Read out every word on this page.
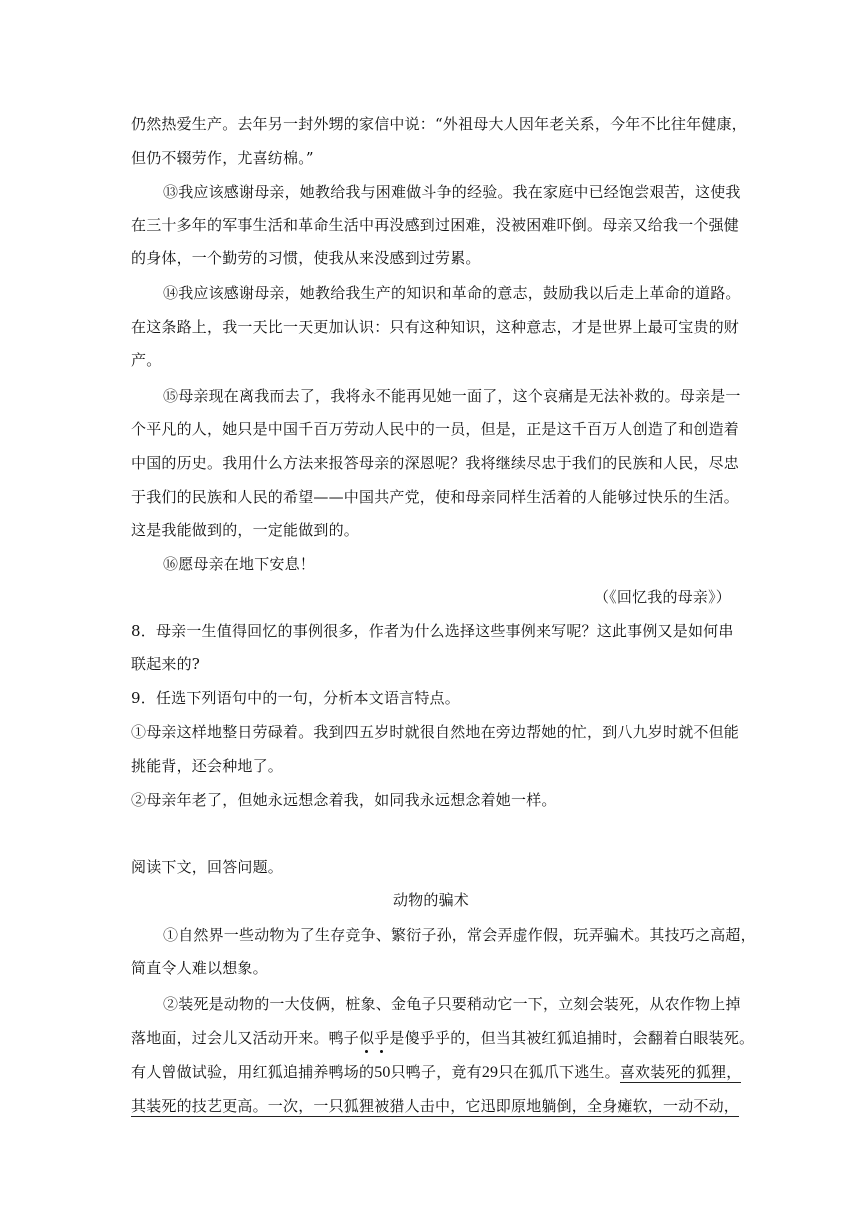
仍然热爱生产。去年另一封外甥的家信中说：“外祖母大人因年老关系，今年不比往年健康，
但仍不辍劳作，尤喜纺棉。”
⑬我应该感谢母亲，她教给我与困难做斗争的经验。我在家庭中已经饱尝艰苦，这使我
在三十多年的军事生活和革命生活中再没感到过困难，没被困难吓倒。母亲又给我一个强健
的身体，一个勤劳的习惯，使我从来没感到过劳累。
⑭我应该感谢母亲，她教给我生产的知识和革命的意志，鼓励我以后走上革命的道路。
在这条路上，我一天比一天更加认识：只有这种知识，这种意志，才是世界上最可宝贵的财
产。
⑮母亲现在离我而去了，我将永不能再见她一面了，这个哀痛是无法补救的。母亲是一
个平凡的人，她只是中国千百万劳动人民中的一员，但是，正是这千百万人创造了和创造着
中国的历史。我用什么方法来报答母亲的深恩呢？我将继续尽忠于我们的民族和人民，尽忠
于我们的民族和人民的希望——中国共产党，使和母亲同样生活着的人能够过快乐的生活。
这是我能做到的，一定能做到的。
⑯愿母亲在地下安息！
（《回忆我的母亲》）
8．母亲一生值得回忆的事例很多，作者为什么选择这些事例来写呢？这此事例又是如何串
联起来的?
9．任选下列语句中的一句，分析本文语言特点。
①母亲这样地整日劳碌着。我到四五岁时就很自然地在旁边帮她的忙，到八九岁时就不但能
挑能背，还会种地了。
②母亲年老了，但她永远想念着我，如同我永远想念着她一样。
阅读下文，回答问题。
动物的骗术
①自然界一些动物为了生存竞争、繁衍子孙，常会弄虚作假，玩弄骗术。其技巧之高超，
简直令人难以想象。
②装死是动物的一大伎俩，桩象、金龟子只要稍动它一下，立刻会装死，从农作物上掉
落地面，过会儿又活动开来。鸭子似乎是傻乎乎的，但当其被红狐追捕时，会翻着白眼装死。
有人曾做试验，用红狐追捕养鸭场的50只鸭子，竟有29只在狐爪下逃生。喜欢装死的狐狸，
其装死的技艺更高。一次，一只狐狸被猎人击中，它迅即原地躺倒，全身瘫软，一动不动，
